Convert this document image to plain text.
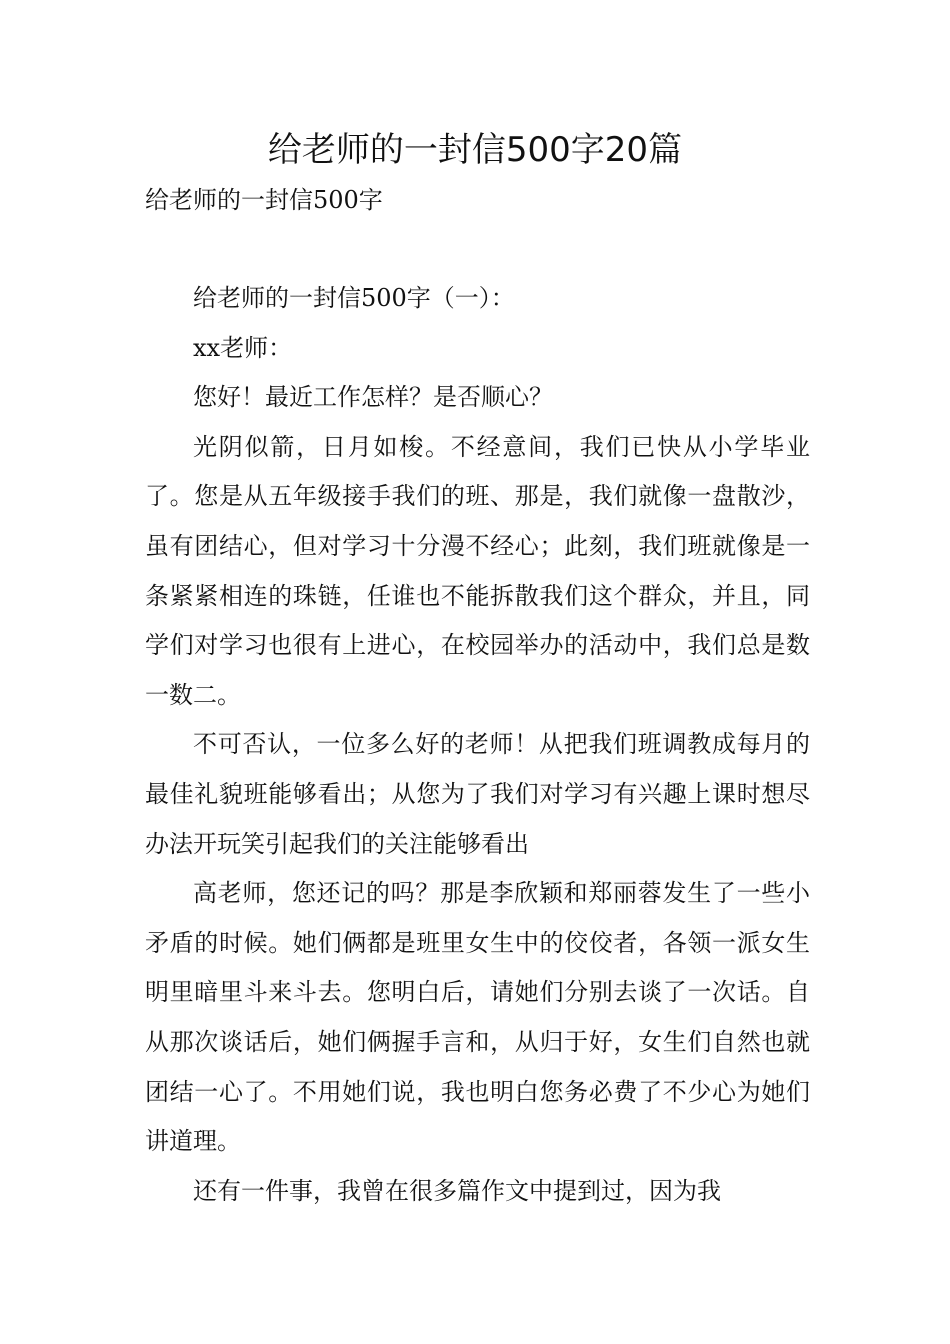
给老师的一封信500字20篇
给老师的一封信500字

给老师的一封信500字（一）：

xx老师：

您好！最近工作怎样？是否顺心？

光阴似箭，日月如梭。不经意间，我们已快从小学毕业了。您是从五年级接手我们的班、那是，我们就像一盘散沙，虽有团结心，但对学习十分漫不经心；此刻，我们班就像是一条紧紧相连的珠链，任谁也不能拆散我们这个群众，并且，同学们对学习也很有上进心，在校园举办的活动中，我们总是数一数二。

不可否认，一位多么好的老师！从把我们班调教成每月的最佳礼貌班能够看出；从您为了我们对学习有兴趣上课时想尽办法开玩笑引起我们的关注能够看出

高老师，您还记的吗？那是李欣颖和郑丽蓉发生了一些小矛盾的时候。她们俩都是班里女生中的佼佼者，各领一派女生明里暗里斗来斗去。您明白后，请她们分别去谈了一次话。自从那次谈话后，她们俩握手言和，从归于好，女生们自然也就团结一心了。不用她们说，我也明白您务必费了不少心为她们讲道理。

还有一件事，我曾在很多篇作文中提到过，因为我
